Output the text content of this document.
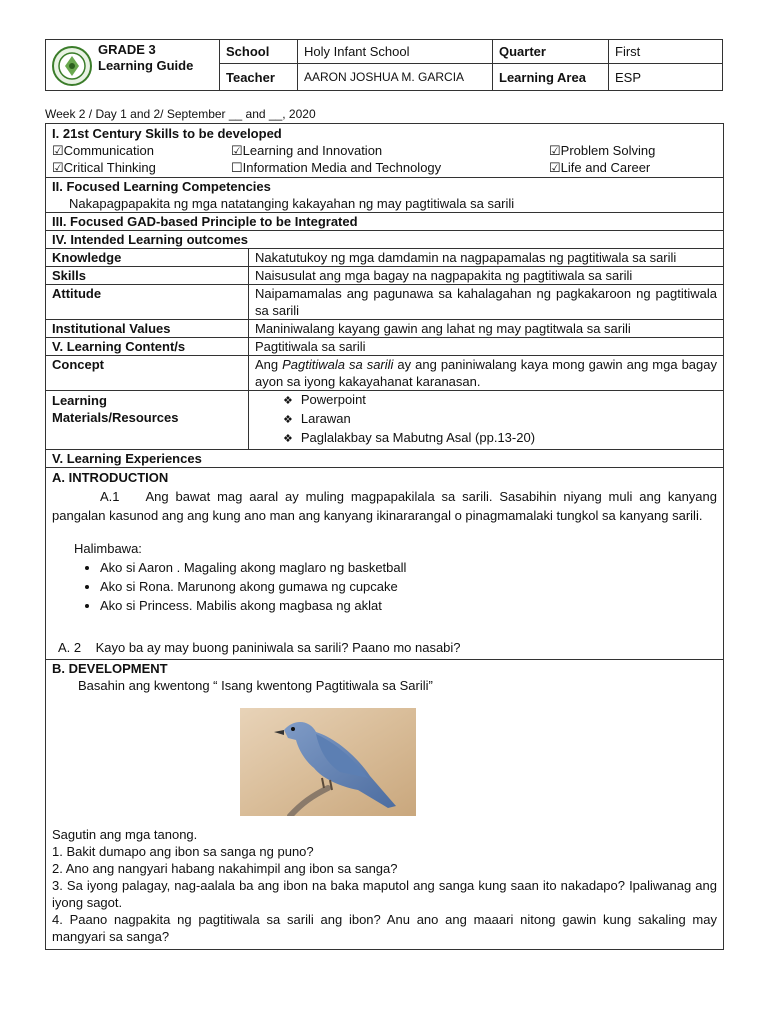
GRADE 3
Learning Guide	School	Holy Infant School	Quarter	First
	Teacher	AARON JOSHUA M. GARCIA	Learning Area	ESP
Week 2 / Day 1 and 2/ September __ and __, 2020
I. 21st Century Skills to be developed
☑Communication	☑Learning and Innovation	☑Problem Solving
☑Critical Thinking	☐Information Media and Technology	☑Life and Career
II. Focused Learning Competencies
Nakapagpapakita ng mga natatanging kakayahan ng may pagtitiwala sa sarili
III. Focused GAD-based Principle to be Integrated
IV. Intended Learning outcomes
Knowledge	Nakatutukoy ng mga damdamin na nagpapamalas ng pagtitiwala sa sarili
Skills	Naisusulat ang mga bagay na nagpapakita ng pagtitiwala sa sarili
Attitude	Naipamamalas ang pagunawa sa kahalagahan ng pagkakaroon ng pagtitiwala sa sarili
Institutional Values	Maniniwalang kayang gawin ang lahat ng may pagtitwala sa sarili
V. Learning Content/s	Pagtitiwala sa sarili
Concept	Ang Pagtitiwala sa sarili ay ang paniniwalang kaya mong gawin ang mga bagay ayon sa iyong kakayahanat karanasan.
Learning
Materials/Resources
❖ Powerpoint
❖ Larawan
❖ Paglalakbay sa Mabutng Asal (pp.13-20)
V. Learning Experiences
A. INTRODUCTION
A.1 Ang bawat mag aaral ay muling magpapakilala sa sarili. Sasabihin niyang muli ang kanyang pangalan kasunod ang ang kung ano man ang kanyang ikinararangal o pinagmamalaki tungkol sa kanyang sarili.
Halimbawa:
• Ako si Aaron . Magaling akong maglaro ng basketball
• Ako si Rona. Marunong akong gumawa ng cupcake
• Ako si Princess. Mabilis akong magbasa ng aklat
A. 2    Kayo ba ay may buong paniniwala sa sarili? Paano mo nasabi?
B. DEVELOPMENT
Basahin ang kwentong “ Isang kwentong Pagtitiwala sa Sarili”
Sagutin ang mga tanong.
1. Bakit dumapo ang ibon sa sanga ng puno?
2. Ano ang nangyari habang nakahimpil ang ibon sa sanga?
3. Sa iyong palagay, nag-aalala ba ang ibon na baka maputol ang sanga kung saan ito nakadapo? Ipaliwanag ang iyong sagot.
4. Paano nagpakita ng pagtitiwala sa sarili ang ibon? Anu ano ang maaari nitong gawin kung sakaling may mangyari sa sanga?
